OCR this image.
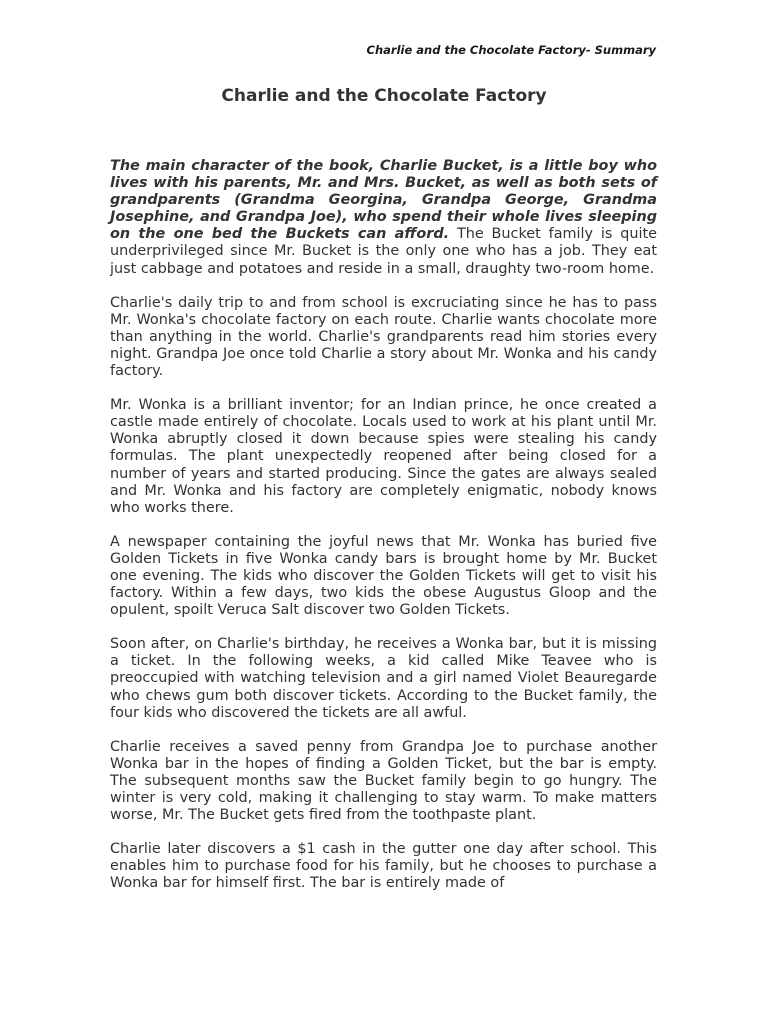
Charlie and the Chocolate Factory- Summary
Charlie and the Chocolate Factory

The main character of the book, Charlie Bucket, is a little boy who lives with his parents, Mr. and Mrs. Bucket, as well as both sets of grandparents (Grandma Georgina, Grandpa George, Grandma Josephine, and Grandpa Joe), who spend their whole lives sleeping on the one bed the Buckets can afford. The Bucket family is quite underprivileged since Mr. Bucket is the only one who has a job. They eat just cabbage and potatoes and reside in a small, draughty two-room home.

Charlie's daily trip to and from school is excruciating since he has to pass Mr. Wonka's chocolate factory on each route. Charlie wants chocolate more than anything in the world. Charlie's grandparents read him stories every night. Grandpa Joe once told Charlie a story about Mr. Wonka and his candy factory.

Mr. Wonka is a brilliant inventor; for an Indian prince, he once created a castle made entirely of chocolate. Locals used to work at his plant until Mr. Wonka abruptly closed it down because spies were stealing his candy formulas. The plant unexpectedly reopened after being closed for a number of years and started producing. Since the gates are always sealed and Mr. Wonka and his factory are completely enigmatic, nobody knows who works there.

A newspaper containing the joyful news that Mr. Wonka has buried five Golden Tickets in five Wonka candy bars is brought home by Mr. Bucket one evening. The kids who discover the Golden Tickets will get to visit his factory. Within a few days, two kids the obese Augustus Gloop and the opulent, spoilt Veruca Salt discover two Golden Tickets.

Soon after, on Charlie's birthday, he receives a Wonka bar, but it is missing a ticket. In the following weeks, a kid called Mike Teavee who is preoccupied with watching television and a girl named Violet Beauregarde who chews gum both discover tickets. According to the Bucket family, the four kids who discovered the tickets are all awful.

Charlie receives a saved penny from Grandpa Joe to purchase another Wonka bar in the hopes of finding a Golden Ticket, but the bar is empty. The subsequent months saw the Bucket family begin to go hungry. The winter is very cold, making it challenging to stay warm. To make matters worse, Mr. The Bucket gets fired from the toothpaste plant.

Charlie later discovers a $1 cash in the gutter one day after school. This enables him to purchase food for his family, but he chooses to purchase a Wonka bar for himself first. The bar is entirely made of
